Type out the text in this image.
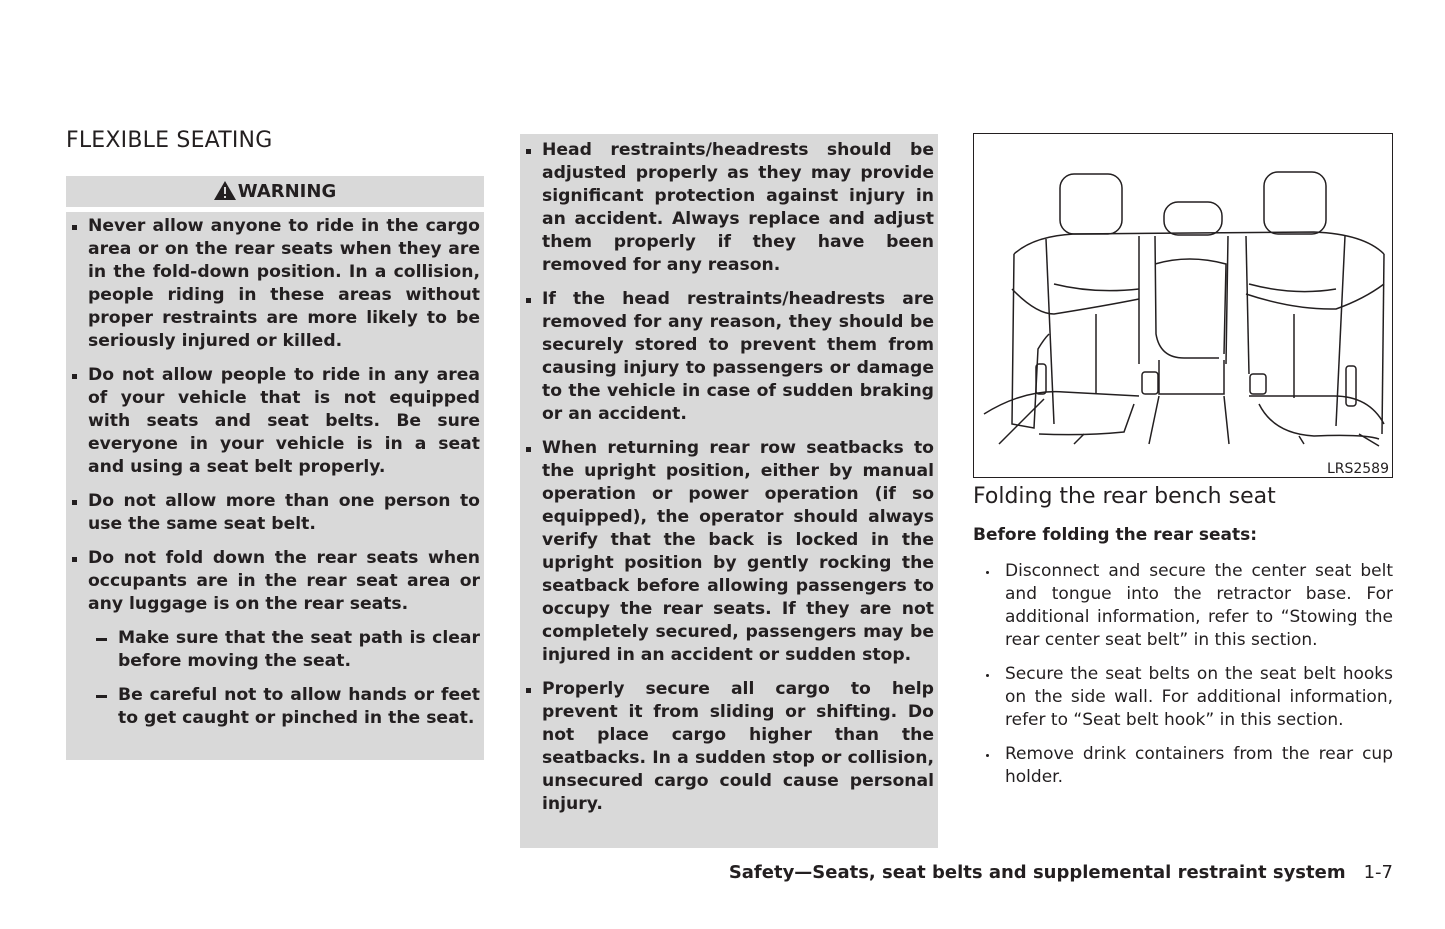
FLEXIBLE SEATING
WARNING
Never allow anyone to ride in the cargo area or on the rear seats when they are in the fold-down position. In a collision, people riding in these areas without proper restraints are more likely to be seriously injured or killed.
Do not allow people to ride in any area of your vehicle that is not equipped with seats and seat belts. Be sure everyone in your vehicle is in a seat and using a seat belt properly.
Do not allow more than one person to use the same seat belt.
Do not fold down the rear seats when occupants are in the rear seat area or any luggage is on the rear seats.
Make sure that the seat path is clear before moving the seat.
Be careful not to allow hands or feet to get caught or pinched in the seat.
Head restraints/headrests should be adjusted properly as they may provide significant protection against injury in an accident. Always replace and adjust them properly if they have been removed for any reason.
If the head restraints/headrests are removed for any reason, they should be securely stored to prevent them from causing injury to passengers or damage to the vehicle in case of sudden braking or an accident.
When returning rear row seatbacks to the upright position, either by manual operation or power operation (if so equipped), the operator should always verify that the back is locked in the upright position by gently rocking the seatback before allowing passengers to occupy the rear seats. If they are not completely secured, passengers may be injured in an accident or sudden stop.
Properly secure all cargo to help prevent it from sliding or shifting. Do not place cargo higher than the seatbacks. In a sudden stop or collision, unsecured cargo could cause personal injury.
LRS2589
Folding the rear bench seat
Before folding the rear seats:
Disconnect and secure the center seat belt and tongue into the retractor base. For additional information, refer to “Stowing the rear center seat belt” in this section.
Secure the seat belts on the seat belt hooks on the side wall. For additional information, refer to “Seat belt hook” in this section.
Remove drink containers from the rear cup holder.
Safety—Seats, seat belts and supplemental restraint system 1-7
